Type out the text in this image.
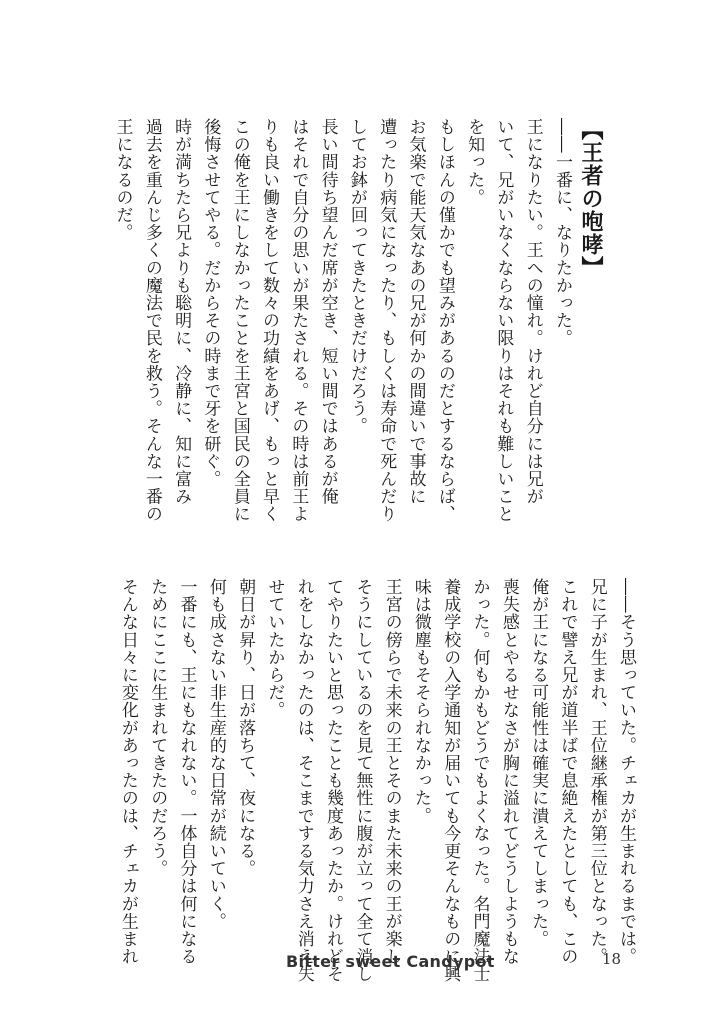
【王者の咆哮】

――一番に、なりたかった。

王になりたい。王への憧れ。けれど自分には兄が

いて、兄がいなくならない限りはそれも難しいこと

を知った。

もしほんの僅かでも望みがあるのだとするならば、

お気楽で能天気なあの兄が何かの間違いで事故に

遭ったり病気になったり、もしくは寿命で死んだり

してお鉢が回ってきたときだけだろう。

長い間待ち望んだ席が空き、短い間ではあるが俺

はそれで自分の思いが果たされる。その時は前王よ

りも良い働きをして数々の功績をあげ、もっと早く

この俺を王にしなかったことを王宮と国民の全員に

後悔させてやる。だからその時まで牙を研ぐ。

時が満ちたら兄よりも聡明に、冷静に、知に富み

過去を重んじ多くの魔法で民を救う。そんな一番の

王になるのだ。

――そう思っていた。チェカが生まれるまでは。

兄に子が生まれ、王位継承権が第三位となった。

これで譬え兄が道半ばで息絶えたとしても、この

俺が王になる可能性は確実に潰えてしまった。

喪失感とやるせなさが胸に溢れてどうしようもな

かった。何もかもどうでもよくなった。名門魔法士

養成学校の入学通知が届いても今更そんなものに興

味は微塵もそそられなかった。

王宮の傍らで未来の王とそのまた未来の王が楽し

そうにしているのを見て無性に腹が立って全て消し

てやりたいと思ったことも幾度あったか。けれどそ

れをしなかったのは、そこまでする気力さえ消え失

せていたからだ。

朝日が昇り、日が落ちて、夜になる。

何も成さない非生産的な日常が続いていく。

一番にも、王にもなれない。一体自分は何になる

ためにここに生まれてきたのだろう。

そんな日々に変化があったのは、チェカが生まれ	Bitter sweet Candypot	18
